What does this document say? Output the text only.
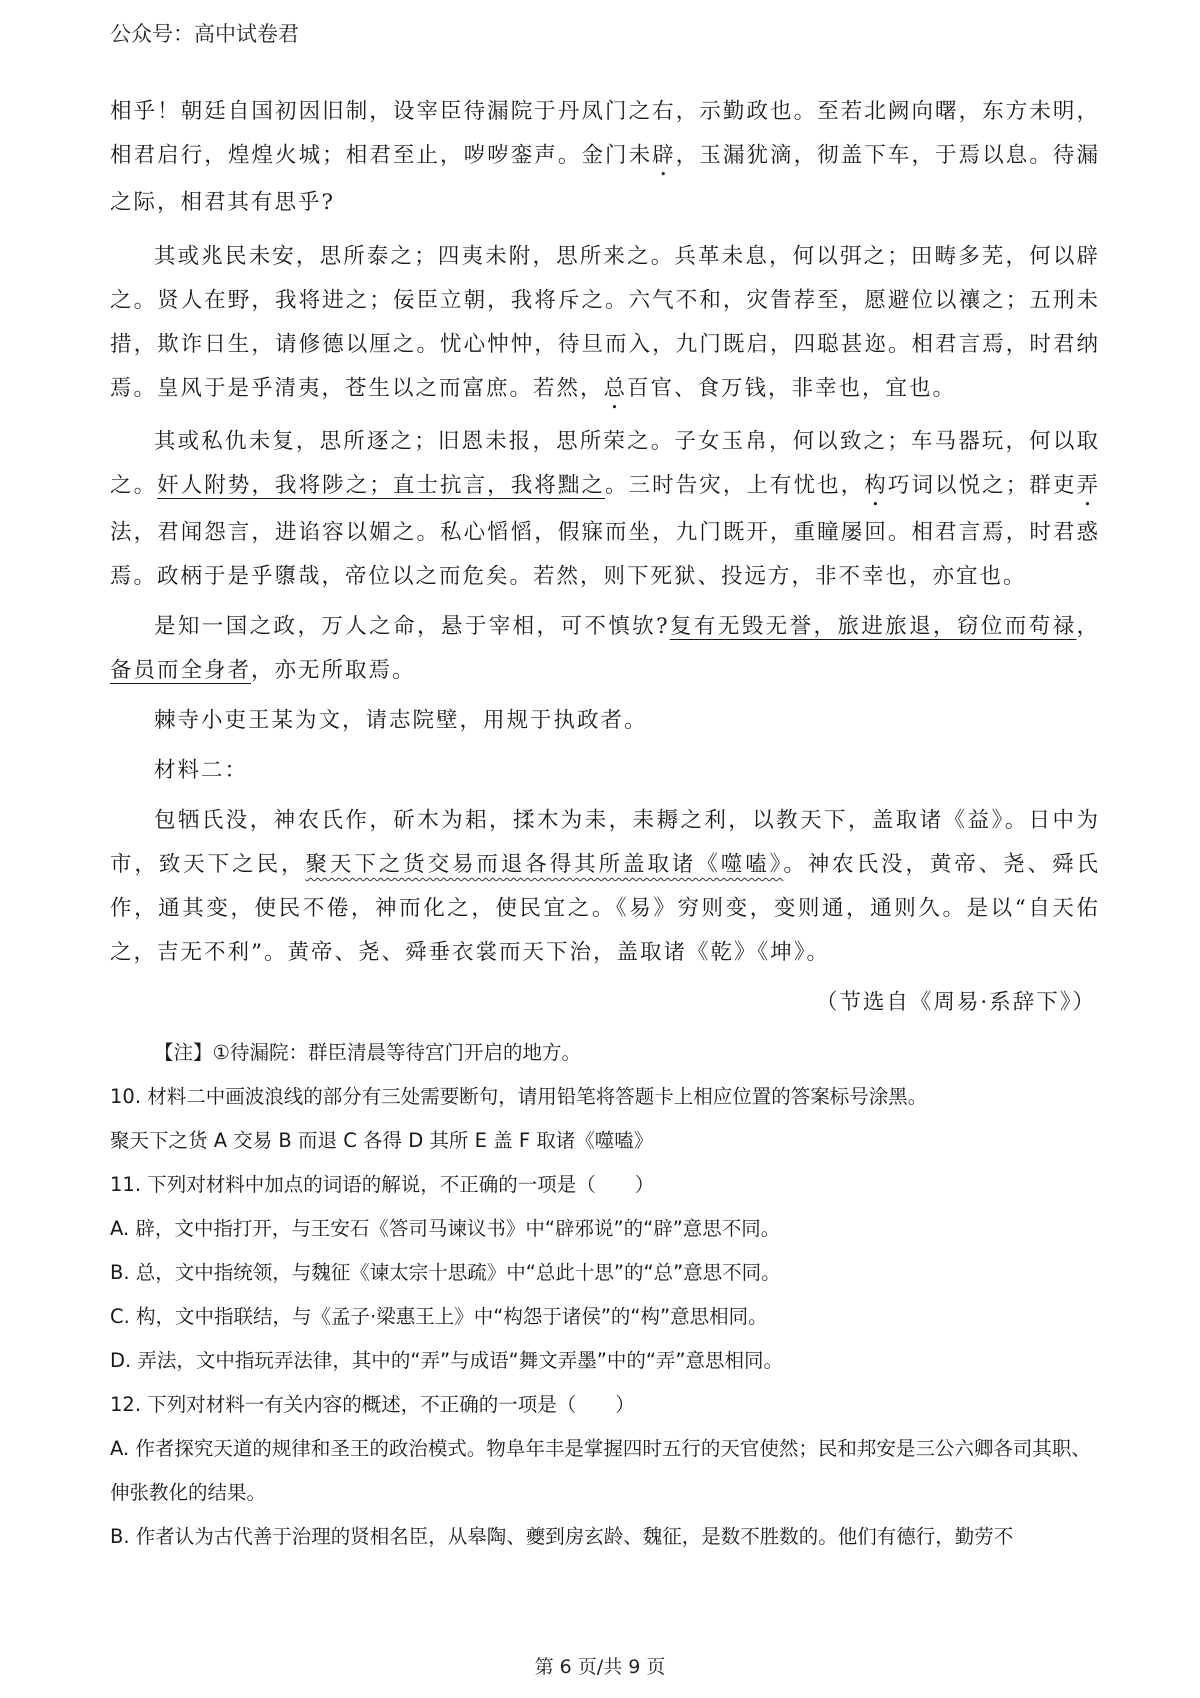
公众号：高中试卷君

相乎！朝廷自国初因旧制，设宰臣待漏院于丹凤门之右，示勤政也。至若北阙向曙，东方未明，相君启行，煌煌火城；相君至止，哕哕銮声。金门未辟，玉漏犹滴，彻盖下车，于焉以息。待漏之际，相君其有思乎?

其或兆民未安，思所泰之；四夷未附，思所来之。兵革未息，何以弭之；田畴多芜，何以辟之。贤人在野，我将进之；佞臣立朝，我将斥之。六气不和，灾眚荐至，愿避位以禳之；五刑未措，欺诈日生，请修德以厘之。忧心忡忡，待旦而入，九门既启，四聪甚迩。相君言焉，时君纳焉。皇风于是乎清夷，苍生以之而富庶。若然，总百官、食万钱，非幸也，宜也。

其或私仇未复，思所逐之；旧恩未报，思所荣之。子女玉帛，何以致之；车马器玩，何以取之。奸人附势，我将陟之；直士抗言，我将黜之。三时告灾，上有忧也，构巧词以悦之；群吏弄法，君闻怨言，进谄容以媚之。私心慆慆，假寐而坐，九门既开，重瞳屡回。相君言焉，时君惑焉。政柄于是乎隳哉，帝位以之而危矣。若然，则下死狱、投远方，非不幸也，亦宜也。

是知一国之政，万人之命，悬于宰相，可不慎欤?复有无毁无誉，旅进旅退，窃位而苟禄，备员而全身者，亦无所取焉。

棘寺小吏王某为文，请志院壁，用规于执政者。

材料二：

包牺氏没，神农氏作，斫木为耜，揉木为耒，耒耨之利，以教天下，盖取诸《益》。日中为市，致天下之民，聚天下之货交易而退各得其所盖取诸《噬嗑》。神农氏没，黄帝、尧、舜氏作，通其变，使民不倦，神而化之，使民宜之。《易》穷则变，变则通，通则久。是以“自天佑之，吉无不利”。黄帝、尧、舜垂衣裳而天下治，盖取诸《乾》《坤》。

（节选自《周易·系辞下》）

【注】①待漏院：群臣清晨等待宫门开启的地方。

10. 材料二中画波浪线的部分有三处需要断句，请用铅笔将答题卡上相应位置的答案标号涂黑。

聚天下之货 A 交易 B 而退 C 各得 D 其所 E 盖 F 取诸《噬嗑》

11. 下列对材料中加点的词语的解说，不正确的一项是（　　）

A. 辟，文中指打开，与王安石《答司马谏议书》中“辟邪说”的“辟”意思不同。

B. 总，文中指统领，与魏征《谏太宗十思疏》中“总此十思”的“总”意思不同。

C. 构，文中指联结，与《孟子·梁惠王上》中“构怨于诸侯”的“构”意思相同。

D. 弄法，文中指玩弄法律，其中的“弄”与成语“舞文弄墨”中的“弄”意思相同。

12. 下列对材料一有关内容的概述，不正确的一项是（　　）

A. 作者探究天道的规律和圣王的政治模式。物阜年丰是掌握四时五行的天官使然；民和邦安是三公六卿各司其职、伸张教化的结果。

B. 作者认为古代善于治理的贤相名臣，从皋陶、夔到房玄龄、魏征，是数不胜数的。他们有德行，勤劳不

第 6 页/共 9 页
